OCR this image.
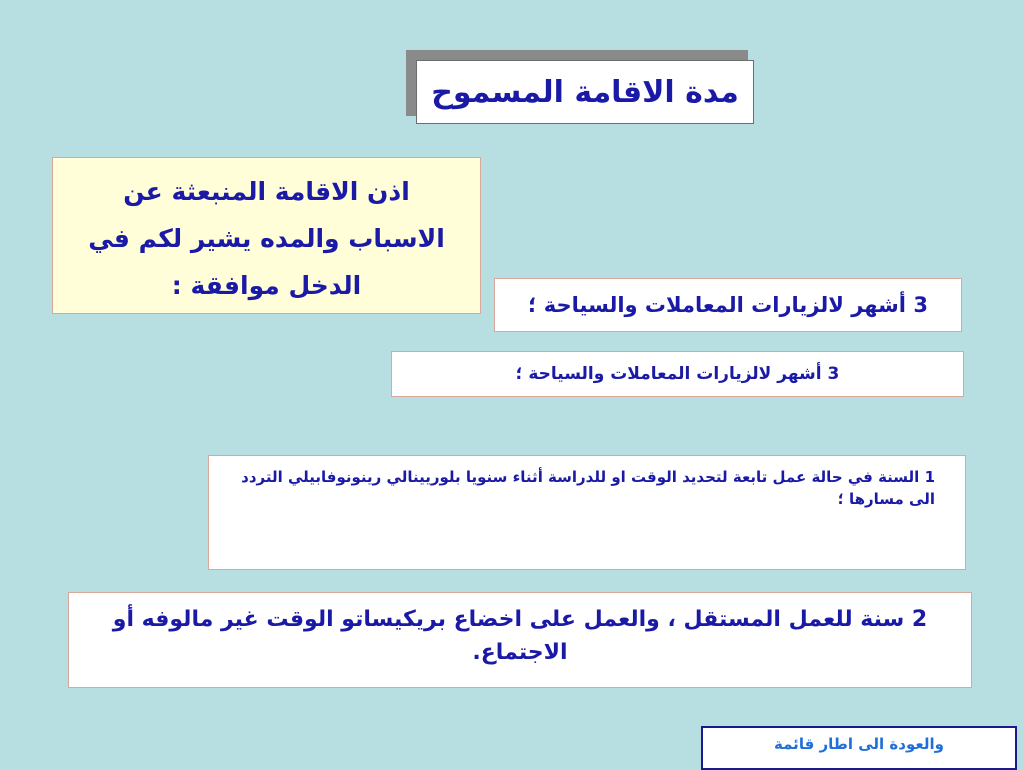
مدة الاقامة المسموح
اذن الاقامة المنبعثة عن الاسباب والمده يشير لكم في الدخل موافقة :
3 أشهر لالزيارات المعاملات والسياحة ؛
3 أشهر لالزيارات المعاملات والسياحة ؛
1 السنة في حالة عمل تابعة لتحديد الوقت او للدراسة أثناء سنويا بلوريينالي رينونوفابيلي التردد الى مسارها ؛
2 سنة للعمل المستقل ، والعمل على اخضاع بريكيساتو الوقت غير مالوفه أو الاجتماع.
والعودة الى اطار قائمة
